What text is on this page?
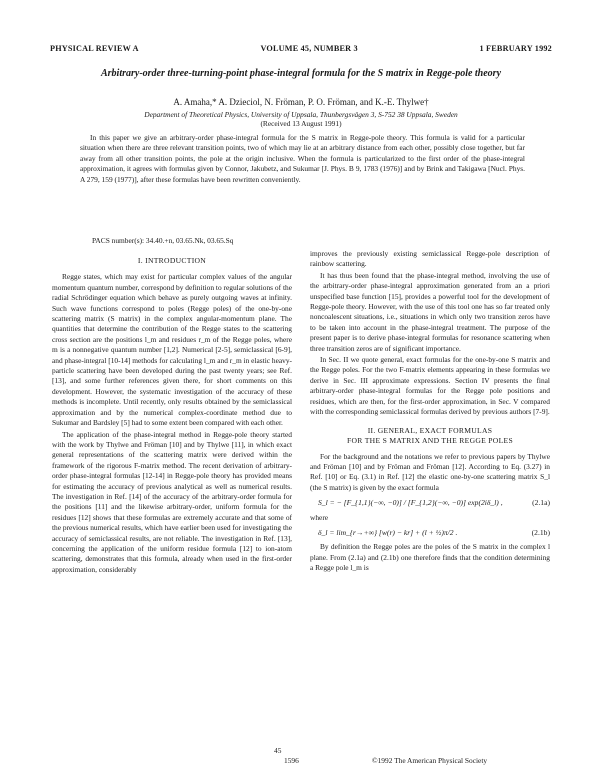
PHYSICAL REVIEW A	VOLUME 45, NUMBER 3	1 FEBRUARY 1992
Arbitrary-order three-turning-point phase-integral formula for the S matrix in Regge-pole theory
A. Amaha,* A. Dzieciol, N. Fröman, P. O. Fröman, and K.-E. Thylwe†
Department of Theoretical Physics, University of Uppsala, Thunbergsvägen 3, S-752 38 Uppsala, Sweden
(Received 13 August 1991)
In this paper we give an arbitrary-order phase-integral formula for the S matrix in Regge-pole theory. This formula is valid for a particular situation when there are three relevant transition points, two of which may lie at an arbitrary distance from each other, possibly close together, but far away from all other transition points, the pole at the origin inclusive. When the formula is particularized to the first order of the phase-integral approximation, it agrees with formulas given by Connor, Jakubetz, and Sukumar [J. Phys. B 9, 1783 (1976)] and by Brink and Takigawa [Nucl. Phys. A 279, 159 (1977)], after these formulas have been rewritten conveniently.
PACS number(s): 34.40.+n, 03.65.Nk, 03.65.Sq
I. INTRODUCTION

Regge states, which may exist for particular complex values of the angular momentum quantum number, correspond by definition to regular solutions of the radial Schrödinger equation which behave as purely outgoing waves at infinity. Such wave functions correspond to poles (Regge poles) of the one-by-one scattering matrix (S matrix) in the complex angular-momentum plane. The quantities that determine the contribution of the Regge states to the scattering cross section are the positions l_m and residues r_m of the Regge poles, where m is a nonnegative quantum number [1,2]. Numerical [2-5], semiclassical [6-9], and phase-integral [10-14] methods for calculating l_m and r_m in elastic heavy-particle scattering have been developed during the past twenty years; see Ref. [13], and some further references given there, for short comments on this development. However, the systematic investigation of the accuracy of these methods is incomplete. Until recently, only results obtained by the semiclassical approximation and by the numerical complex-coordinate method due to Sukumar and Bardsley [5] had to some extent been compared with each other.

The application of the phase-integral method in Regge-pole theory started with the work by Thylwe and Fröman [10] and by Thylwe [11], in which exact general representations of the scattering matrix were derived within the framework of the rigorous F-matrix method. The recent derivation of arbitrary-order phase-integral formulas [12-14] in Regge-pole theory has provided means for estimating the accuracy of previous analytical as well as numerical results. The investigation in Ref. [14] of the accuracy of the arbitrary-order formula for the positions [11] and the likewise arbitrary-order, uniform formula for the residues [12] shows that these formulas are extremely accurate and that some of the previous numerical results, which have earlier been used for investigating the accuracy of semiclassical results, are not reliable. The investigation in Ref. [13], concerning the application of the uniform residue formula [12] to ion-atom scattering, demonstrates that this formula, already when used in the first-order approximation, considerably

improves the previously existing semiclassical Regge-pole description of rainbow scattering.

It has thus been found that the phase-integral method, involving the use of the arbitrary-order phase-integral approximation generated from an a priori unspecified base function [15], provides a powerful tool for the development of Regge-pole theory. However, with the use of this tool one has so far treated only noncoalescent situations, i.e., situations in which only two transition zeros have to be taken into account in the phase-integral treatment. The purpose of the present paper is to derive phase-integral formulas for resonance scattering when three transition zeros are of significant importance.

In Sec. II we quote general, exact formulas for the one-by-one S matrix and the Regge poles. For the two F-matrix elements appearing in these formulas we derive in Sec. III approximate expressions. Section IV presents the final arbitrary-order phase-integral formulas for the Regge pole positions and residues, which are then, for the first-order approximation, in Sec. V compared with the corresponding semiclassical formulas derived by previous authors [7-9].

II. GENERAL, EXACT FORMULAS
FOR THE S MATRIX AND THE REGGE POLES

For the background and the notations we refer to previous papers by Thylwe and Fröman [10] and by Fröman and Fröman [12]. According to Eq. (3.27) in Ref. [10] or Eq. (3.1) in Ref. [12] the elastic one-by-one scattering matrix S_l (the S matrix) is given by the exact formula

S_l = − [F_{1,1}(−∞, −0)] / [F_{1,2}(−∞, −0)] exp(2iδ_l) ,	(2.1a)

where

δ_l = lim_{r→+∞} [w(r) − kr] + (l + ½)π/2 .	(2.1b)

By definition the Regge poles are the poles of the S matrix in the complex l plane. From (2.1a) and (2.1b) one therefore finds that the condition determining a Regge pole l_m is

45
1596	©1992 The American Physical Society
